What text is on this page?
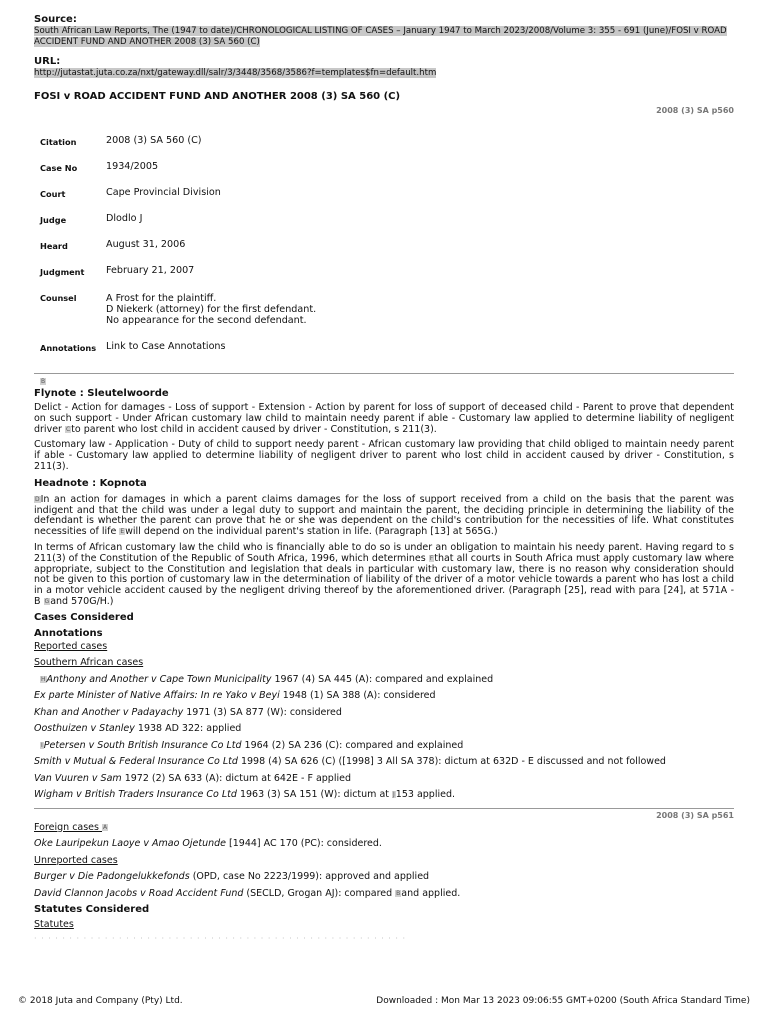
Source:
South African Law Reports, The (1947 to date)/CHRONOLOGICAL LISTING OF CASES – January 1947 to March 2023/2008/Volume 3: 355 - 691 (June)/FOSI v ROAD ACCIDENT FUND AND ANOTHER 2008 (3) SA 560 (C)
URL:
http://jutastat.juta.co.za/nxt/gateway.dll/salr/3/3448/3568/3586?f=templates$fn=default.htm
FOSI v ROAD ACCIDENT FUND AND ANOTHER 2008 (3) SA 560 (C)
2008 (3) SA p560
Citation	2008 (3) SA 560 (C)
Case No	1934/2005
Court	Cape Provincial Division
Judge	Dlodlo J
Heard	August 31, 2006
Judgment	February 21, 2007
Counsel	A Frost for the plaintiff.
D Niekerk (attorney) for the first defendant.
No appearance for the second defendant.

Annotations	Link to Case Annotations
B
Flynote : Sleutelwoorde

Delict - Action for damages - Loss of support - Extension - Action by parent for loss of support of deceased child - Parent to prove that dependent on such support - Under African customary law child to maintain needy parent if able - Customary law applied to determine liability of negligent driver Cto parent who lost child in accident caused by driver - Constitution, s 211(3).

Customary law - Application - Duty of child to support needy parent - African customary law providing that child obliged to maintain needy parent if able - Customary law applied to determine liability of negligent driver to parent who lost child in accident caused by driver - Constitution, s 211(3).

Headnote : Kopnota

DIn an action for damages in which a parent claims damages for the loss of support received from a child on the basis that the parent was indigent and that the child was under a legal duty to support and maintain the parent, the deciding principle in determining the liability of the defendant is whether the parent can prove that he or she was dependent on the child's contribution for the necessities of life. What constitutes necessities of life Ewill depend on the individual parent's station in life. (Paragraph [13] at 565G.)

In terms of African customary law the child who is financially able to do so is under an obligation to maintain his needy parent. Having regard to s 211(3) of the Constitution of the Republic of South Africa, 1996, which determines Fthat all courts in South Africa must apply customary law where appropriate, subject to the Constitution and legislation that deals in particular with customary law, there is no reason why consideration should not be given to this portion of customary law in the determination of liability of the driver of a motor vehicle towards a parent who has lost a child in a motor vehicle accident caused by the negligent driving thereof by the aforementioned driver. (Paragraph [25], read with para [24], at 571A - B Gand 570G/H.)

Cases Considered
Annotations
Reported cases
Southern African cases
HAnthony and Another v Cape Town Municipality 1967 (4) SA 445 (A): compared and explained
Ex parte Minister of Native Affairs: In re Yako v Beyi 1948 (1) SA 388 (A): considered
Khan and Another v Padayachy 1971 (3) SA 877 (W): considered
Oosthuizen v Stanley 1938 AD 322: applied
IPetersen v South British Insurance Co Ltd 1964 (2) SA 236 (C): compared and explained
Smith v Mutual & Federal Insurance Co Ltd 1998 (4) SA 626 (C) ([1998] 3 All SA 378): dictum at 632D - E discussed and not followed
Van Vuuren v Sam 1972 (2) SA 633 (A): dictum at 642E - F applied
Wigham v British Traders Insurance Co Ltd 1963 (3) SA 151 (W): dictum at J153 applied.
2008 (3) SA p561
Foreign cases A
Oke Lauripekun Laoye v Amao Ojetunde [1944] AC 170 (PC): considered.
Unreported cases
Burger v Die Padongelukkefonds (OPD, case No 2223/1999): approved and applied
David Clannon Jacobs v Road Accident Fund (SECLD, Grogan AJ): compared Band applied.
Statutes Considered
Statutes
· · · · · · · · · · · · · · · · · · · · · · · · · · · · · · · · · · · · · · · · · · · · · · · · · · · · ·
© 2018 Juta and Company (Pty) Ltd.	Downloaded : Mon Mar 13 2023 09:06:55 GMT+0200 (South Africa Standard Time)
